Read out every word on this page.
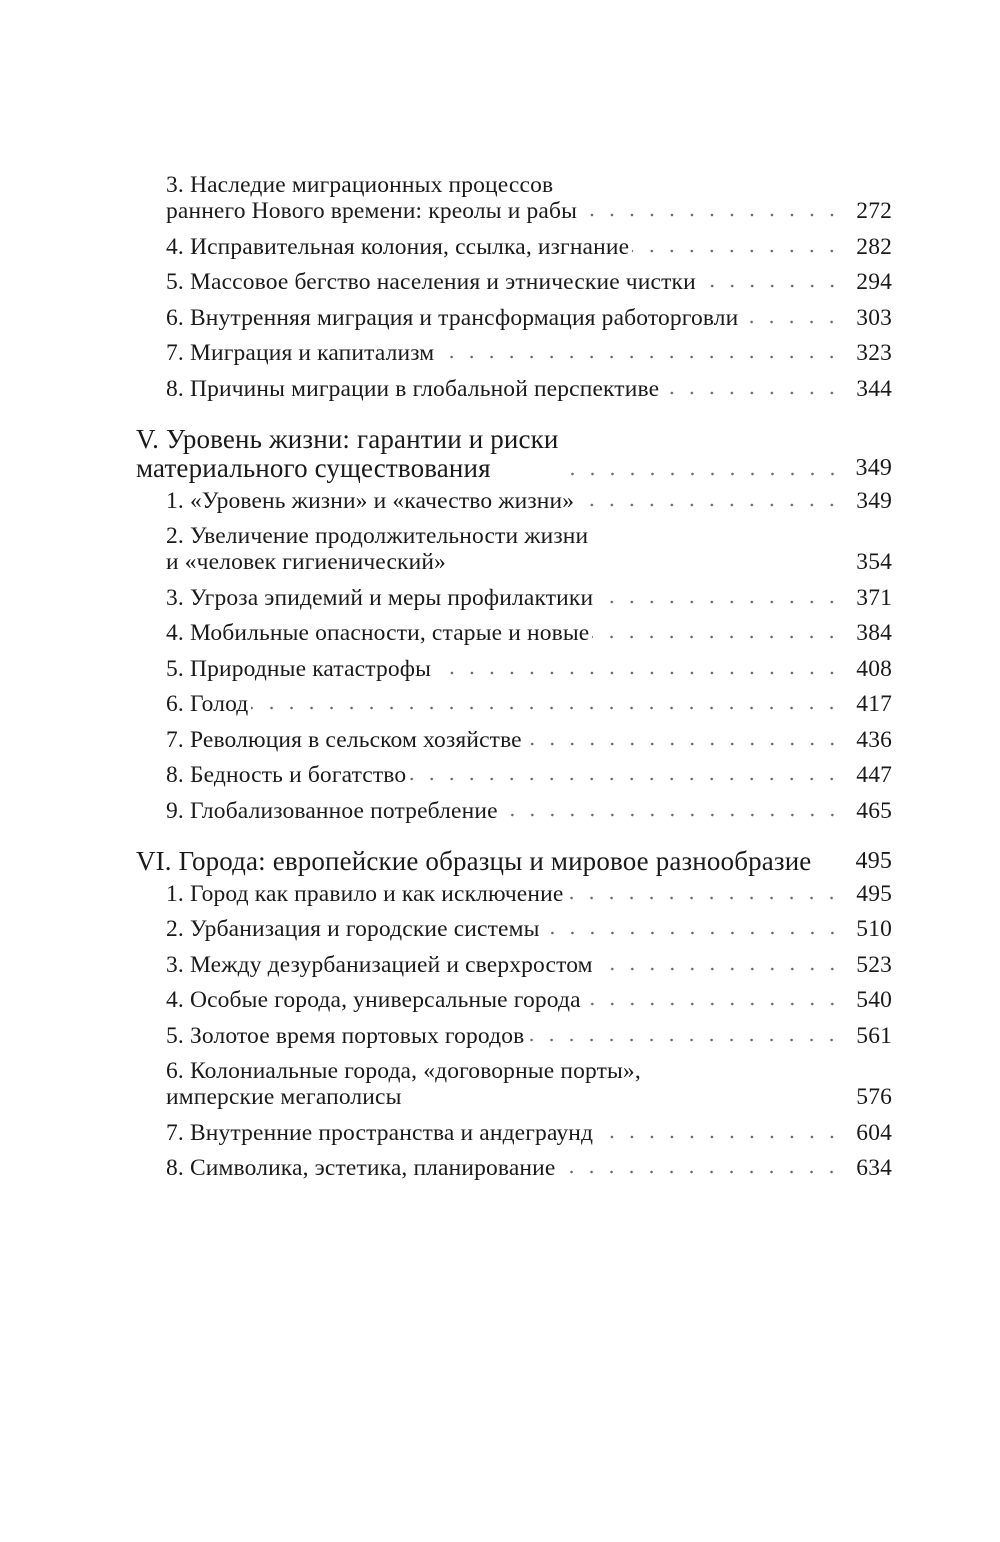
3. Наследие миграционных процессов
раннего Нового времени: креолы и рабы	272
4. Исправительная колония, ссылка, изгнание	282
5. Массовое бегство населения и этнические чистки	294
6. Внутренняя миграция и трансформация работорговли	303
7. Миграция и капитализм	323
8. Причины миграции в глобальной перспективе	344
V. Уровень жизни: гарантии и риски
материального существования	349
1. «Уровень жизни» и «качество жизни»	349
2. Увеличение продолжительности жизни
и «человек гигиенический»	354
3. Угроза эпидемий и меры профилактики	371
4. Мобильные опасности, старые и новые	384
5. Природные катастрофы	408
6. Голод	417
7. Революция в сельском хозяйстве	436
8. Бедность и богатство	447
9. Глобализованное потребление	465
VI. Города: европейские образцы и мировое разнообразие 495
1. Город как правило и как исключение	495
2. Урбанизация и городские системы	510
3. Между дезурбанизацией и сверхростом	523
4. Особые города, универсальные города	540
5. Золотое время портовых городов	561
6. Колониальные города, «договорные порты»,
имперские мегаполисы	576
7. Внутренние пространства и андеграунд	604
8. Символика, эстетика, планирование	634
